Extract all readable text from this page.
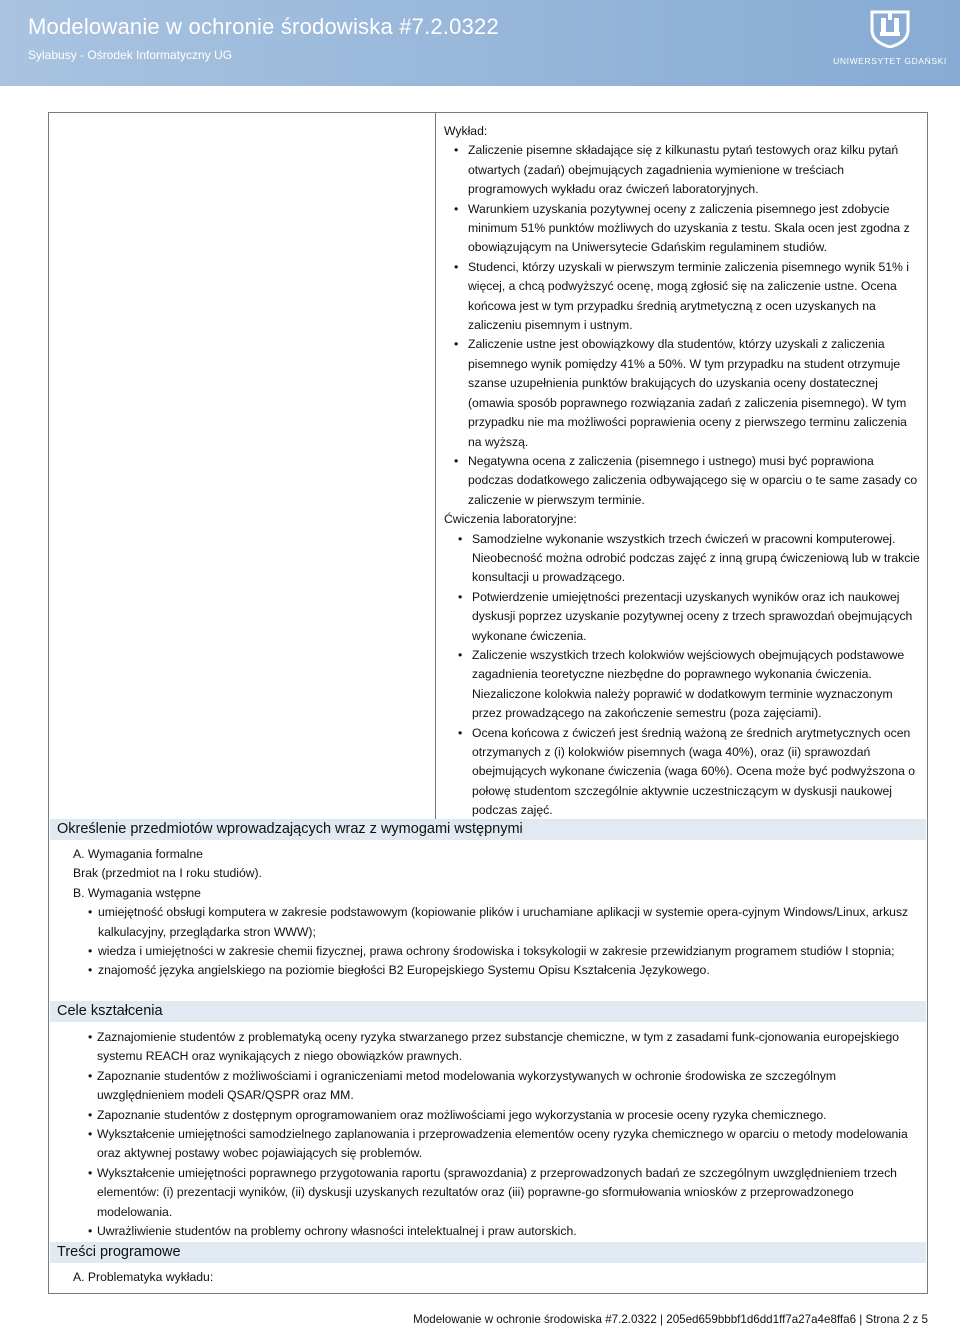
Modelowanie w ochronie środowiska #7.2.0322
Sylabusy - Ośrodek Informatyczny UG	UNIWERSYTET GDAŃSKI

Wykład:

• Zaliczenie pisemne składające się z kilkunastu pytań testowych oraz kilku pytań otwartych (zadań) obejmujących zagadnienia wymienione w treściach programowych wykładu oraz ćwiczeń laboratoryjnych.
• Warunkiem uzyskania pozytywnej oceny z zaliczenia pisemnego jest zdobycie minimum 51% punktów możliwych do uzyskania z testu. Skala ocen jest zgodna z obowiązującym na Uniwersytecie Gdańskim regulaminem studiów.
• Studenci, którzy uzyskali w pierwszym terminie zaliczenia pisemnego wynik 51% i więcej, a chcą podwyższyć ocenę, mogą zgłosić się na zaliczenie ustne. Ocena końcowa jest w tym przypadku średnią arytmetyczną z ocen uzyskanych na zaliczeniu pisemnym i ustnym.
• Zaliczenie ustne jest obowiązkowy dla studentów, którzy uzyskali z zaliczenia pisemnego wynik pomiędzy 41% a 50%. W tym przypadku na student otrzymuje szanse uzupełnienia punktów brakujących do uzyskania oceny dostatecznej (omawia sposób poprawnego rozwiązania zadań z zaliczenia pisemnego). W tym przypadku nie ma możliwości poprawienia oceny z pierwszego terminu zaliczenia na wyższą.
• Negatywna ocena z zaliczenia (pisemnego i ustnego) musi być poprawiona podczas dodatkowego zaliczenia odbywającego się w oparciu o te same zasady co zaliczenie w pierwszym terminie.

Ćwiczenia laboratoryjne:

• Samodzielne wykonanie wszystkich trzech ćwiczeń w pracowni komputerowej. Nieobecność można odrobić podczas zajęć z inną grupą ćwiczeniową lub w trakcie konsultacji u prowadzącego.
• Potwierdzenie umiejętności prezentacji uzyskanych wyników oraz ich naukowej dyskusji poprzez uzyskanie pozytywnej oceny z trzech sprawozdań obejmujących wykonane ćwiczenia.
• Zaliczenie wszystkich trzech kolokwiów wejściowych obejmujących podstawowe zagadnienia teoretyczne niezbędne do poprawnego wykonania ćwiczenia. Niezaliczone kolokwia należy poprawić w dodatkowym terminie wyznaczonym przez prowadzącego na zakończenie semestru (poza zajęciami).
• Ocena końcowa z ćwiczeń jest średnią ważoną ze średnich arytmetycznych ocen otrzymanych z (i) kolokwiów pisemnych (waga 40%), oraz (ii) sprawozdań obejmujących wykonane ćwiczenia (waga 60%). Ocena może być podwyższona o połowę studentom szczególnie aktywnie uczestniczącym w dyskusji naukowej podczas zajęć.
Określenie przedmiotów wprowadzających wraz z wymogami wstępnymi

A. Wymagania formalne

Brak (przedmiot na I roku studiów).

B. Wymagania wstępne

• umiejętność obsługi komputera w zakresie podstawowym (kopiowanie plików i uruchamiane aplikacji w systemie opera-cyjnym Windows/Linux, arkusz kalkulacyjny, przeglądarka stron WWW);
• wiedza i umiejętności w zakresie chemii fizycznej, prawa ochrony środowiska i toksykologii w zakresie przewidzianym programem studiów I stopnia;
• znajomość języka angielskiego na poziomie biegłości B2 Europejskiego Systemu Opisu Kształcenia Językowego.
Cele kształcenia
• Zaznajomienie studentów z problematyką oceny ryzyka stwarzanego przez substancje chemiczne, w tym z zasadami funk-cjonowania europejskiego systemu REACH oraz wynikających z niego obowiązków prawnych.
• Zapoznanie studentów z możliwościami i ograniczeniami metod modelowania wykorzystywanych w ochronie środowiska ze szczególnym uwzględnieniem modeli QSAR/QSPR oraz MM.
• Zapoznanie studentów z dostępnym oprogramowaniem oraz możliwościami jego wykorzystania w procesie oceny ryzyka chemicznego.
• Wykształcenie umiejętności samodzielnego zaplanowania i przeprowadzenia elementów oceny ryzyka chemicznego w oparciu o metody modelowania oraz aktywnej postawy wobec pojawiających się problemów.
• Wykształcenie umiejętności poprawnego przygotowania raportu (sprawozdania) z przeprowadzonych badań ze szczególnym uwzględnieniem trzech elementów: (i) prezentacji wyników, (ii) dyskusji uzyskanych rezultatów oraz (iii) poprawne-go sformułowania wniosków z przeprowadzonego modelowania.
• Uwrażliwienie studentów na problemy ochrony własności intelektualnej i praw autorskich.
Treści programowe

A. Problematyka wykładu:

Modelowanie w ochronie środowiska #7.2.0322 | 205ed659bbbf1d6dd1ff7a27a4e8ffa6 | Strona 2 z 5
